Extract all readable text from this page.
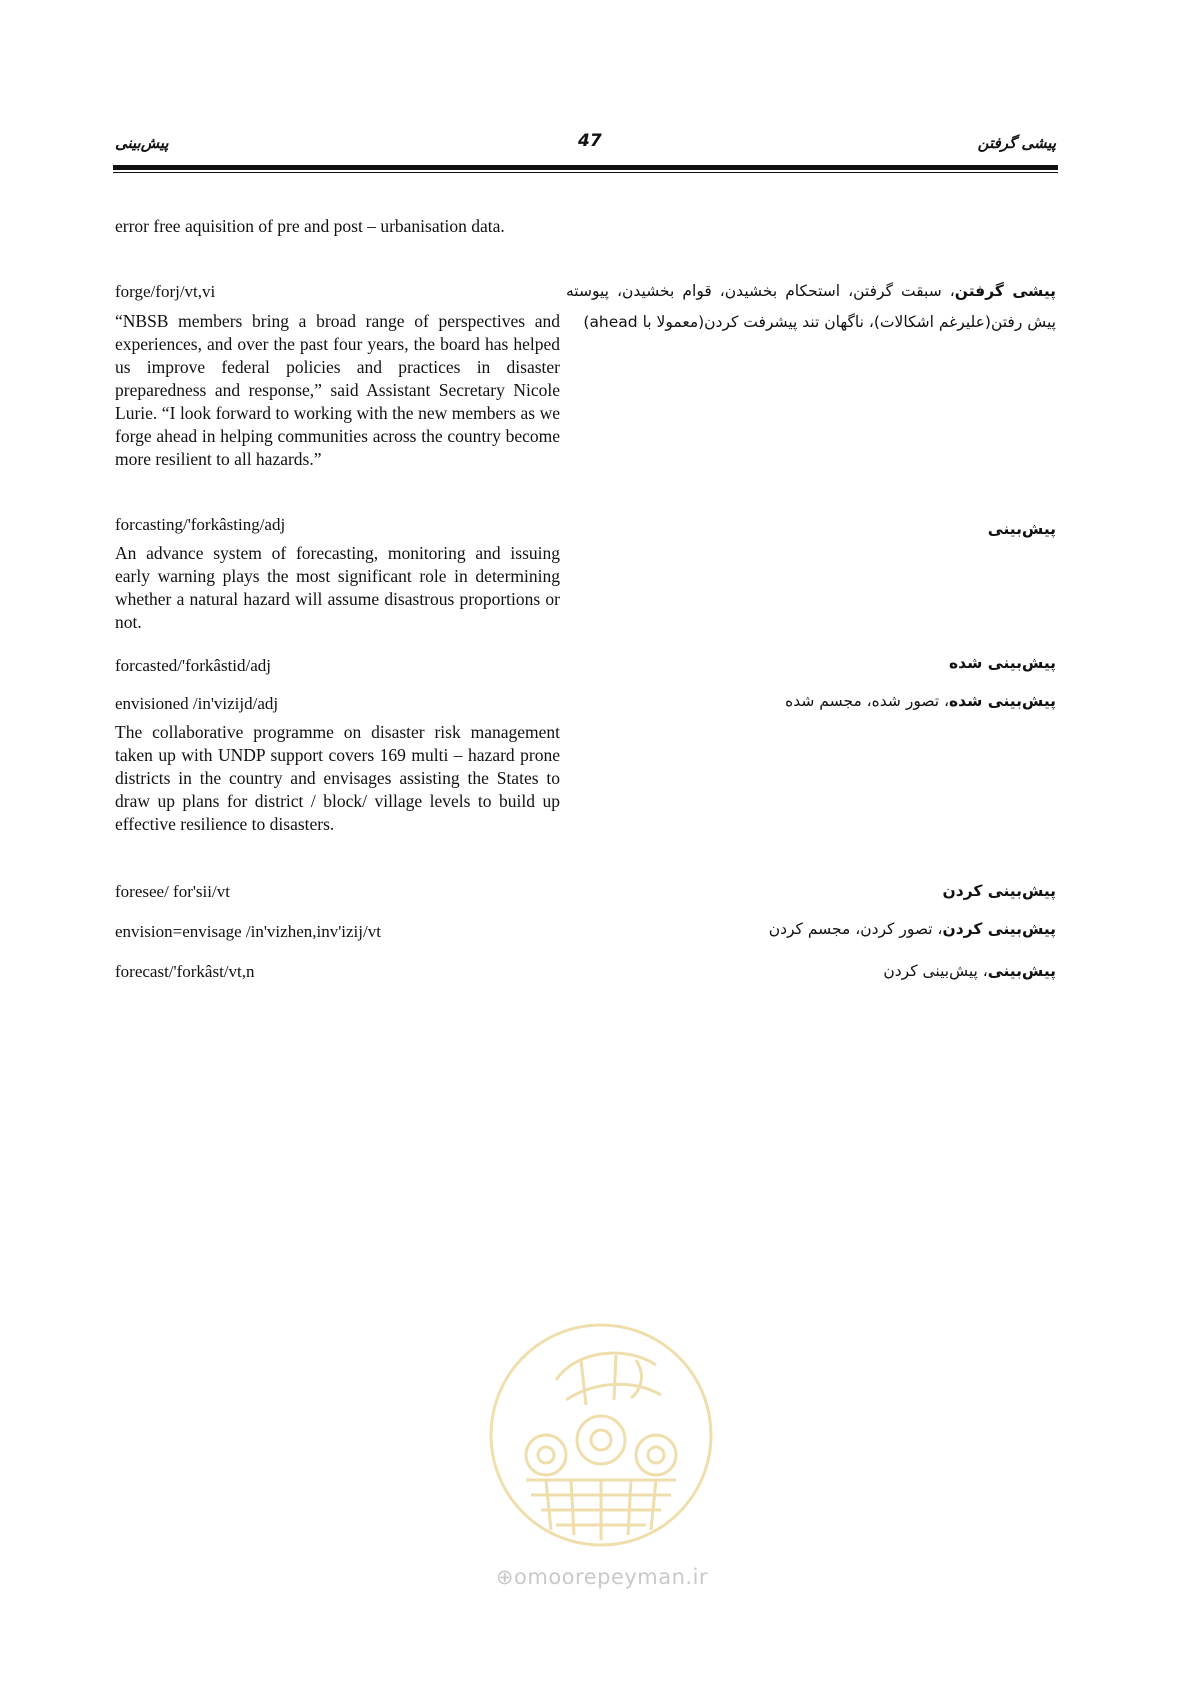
پیش‌بینی	47	پیشی گرفتن
error free aquisition of pre and post – urbanisation data.
forge/forj/vt,vi
“NBSB members bring a broad range of perspectives and experiences, and over the past four years, the board has helped us improve federal policies and practices in disaster preparedness and response,” said Assistant Secretary Nicole Lurie. “I look forward to working with the new members as we forge ahead in helping communities across the country become more resilient to all hazards.”
forcasting/'forkâsting/adj
An advance system of forecasting, monitoring and issuing early warning plays the most significant role in determining whether a natural hazard will assume disastrous proportions or not.
forcasted/'forkâstid/adj
envisioned /in'vizijd/adj
The collaborative programme on disaster risk management taken up with UNDP support covers 169 multi – hazard prone districts in the country and envisages assisting the States to draw up plans for district / block/ village levels to build up effective resilience to disasters.
foresee/ for'sii/vt
envision=envisage /in'vizhen,inv'izij/vt
forecast/'forkâst/vt,n
پیشی گرفتن، سبقت گرفتن، استحکام بخشیدن، قوام بخشیدن، پیوسته پیش رفتن(علیرغم اشکالات)، ناگهان تند پیشرفت کردن(معمولا با ahead)
پیش‌بینی
پیش‌بینی شده
پیش‌بینی شده، تصور شده، مجسم شده
پیش‌بینی کردن
پیش‌بینی کردن، تصور کردن، مجسم کردن
پیش‌بینی، پیش‌بینی کردن
⊕omoorepeyman.ir
